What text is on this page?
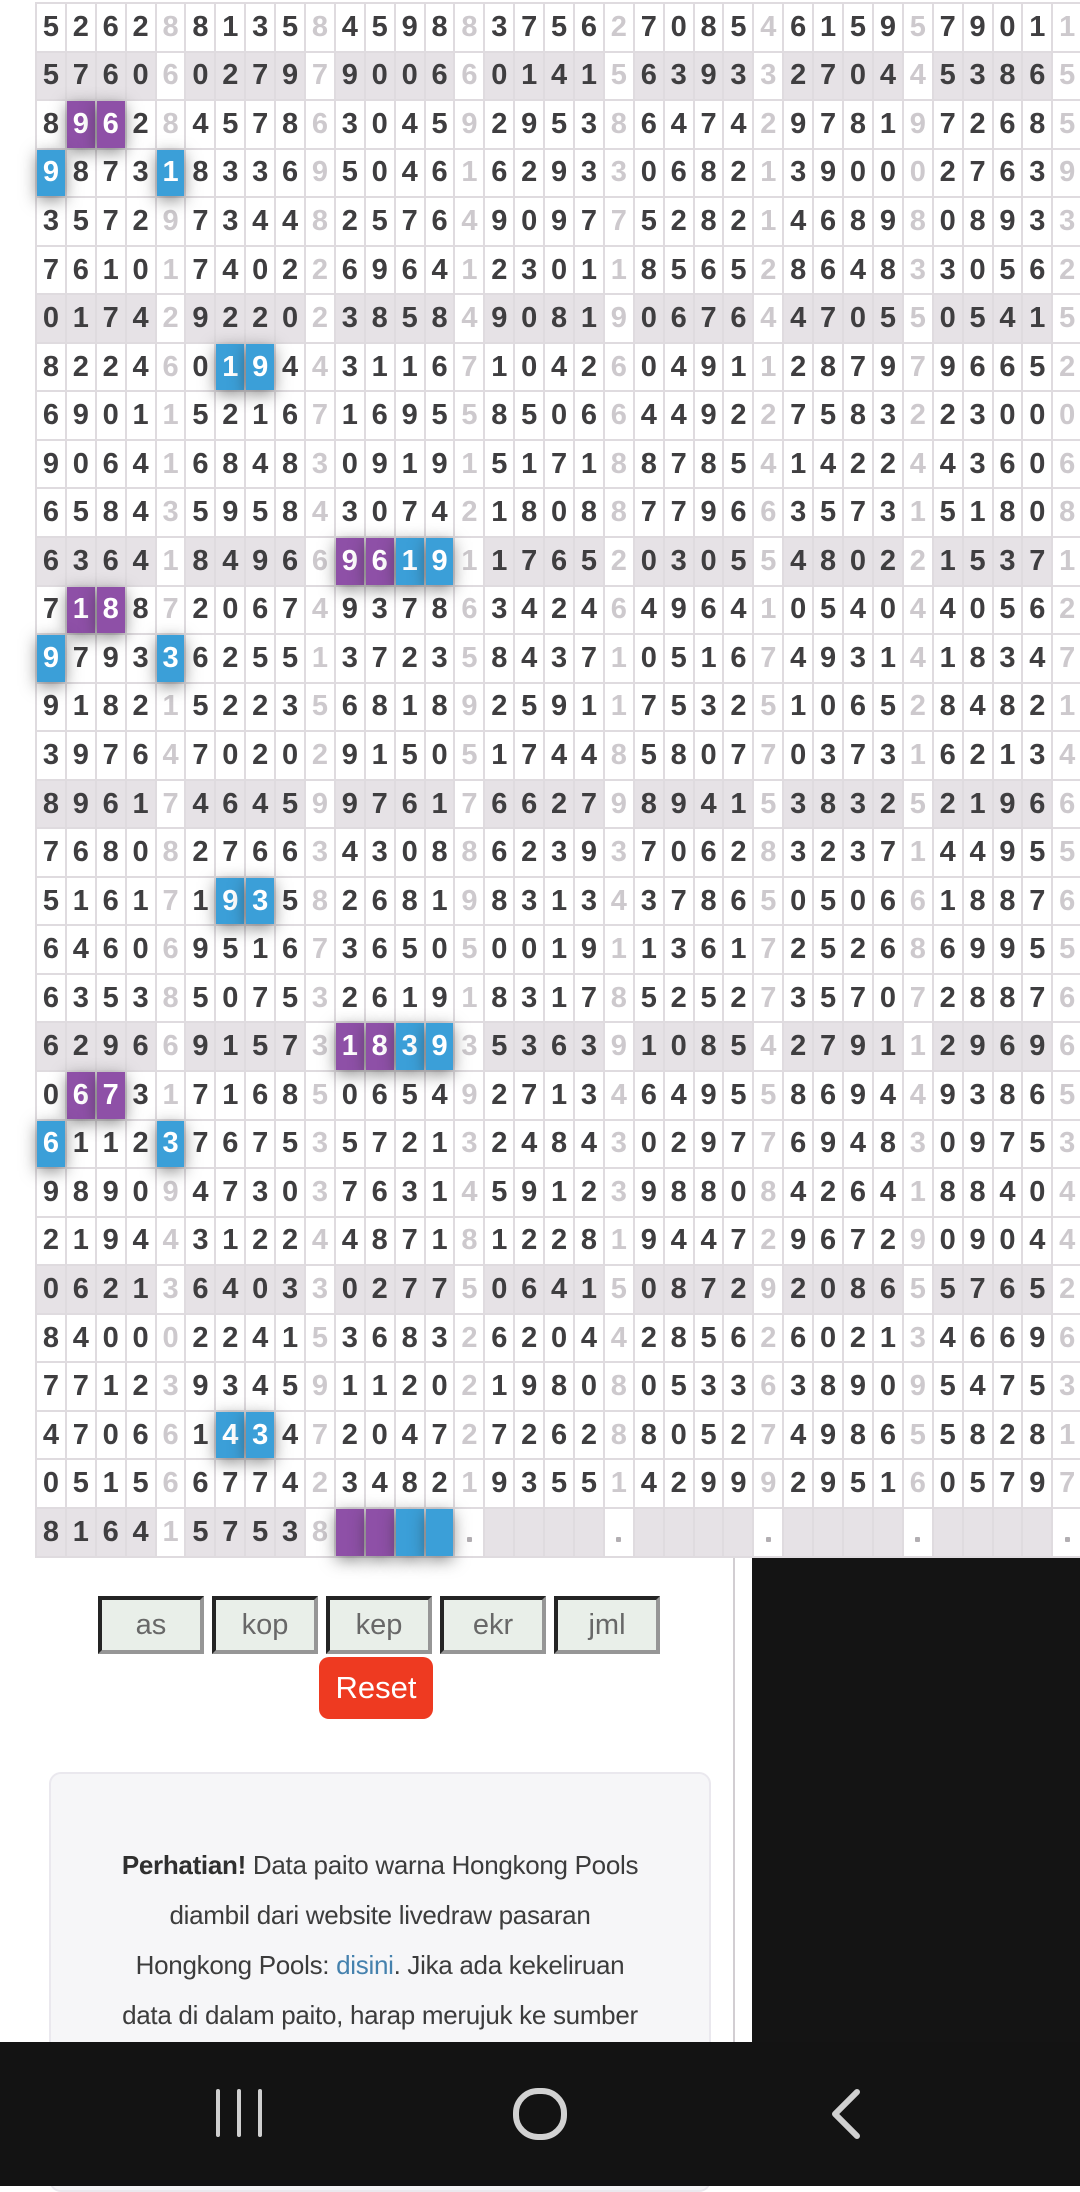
5 2 6 2 8 8 1 3 5 8 4 5 9 8 8 3 7 5 6 2 7 0 8 5 4 6 1 5 9 5 7 9 0 1 1
5 7 6 0 6 0 2 7 9 7 9 0 0 6 6 0 1 4 1 5 6 3 9 3 3 2 7 0 4 4 5 3 8 6 5
8 9 6 2 8 4 5 7 8 6 3 0 4 5 9 2 9 5 3 8 6 4 7 4 2 9 7 8 1 9 7 2 6 8 5
9 8 7 3 1 8 3 3 6 9 5 0 4 6 1 6 2 9 3 3 0 6 8 2 1 3 9 0 0 0 2 7 6 3 9
3 5 7 2 9 7 3 4 4 8 2 5 7 6 4 9 0 9 7 7 5 2 8 2 1 4 6 8 9 8 0 8 9 3 3
7 6 1 0 1 7 4 0 2 2 6 9 6 4 1 2 3 0 1 1 8 5 6 5 2 8 6 4 8 3 3 0 5 6 2
0 1 7 4 2 9 2 2 0 2 3 8 5 8 4 9 0 8 1 9 0 6 7 6 4 4 7 0 5 5 0 5 4 1 5
8 2 2 4 6 0 1 9 4 4 3 1 1 6 7 1 0 4 2 6 0 4 9 1 1 2 8 7 9 7 9 6 6 5 2
6 9 0 1 1 5 2 1 6 7 1 6 9 5 5 8 5 0 6 6 4 4 9 2 2 7 5 8 3 2 2 3 0 0 0
9 0 6 4 1 6 8 4 8 3 0 9 1 9 1 5 1 7 1 8 8 7 8 5 4 1 4 2 2 4 4 3 6 0 6
6 5 8 4 3 5 9 5 8 4 3 0 7 4 2 1 8 0 8 8 7 7 9 6 6 3 5 7 3 1 5 1 8 0 8
6 3 6 4 1 8 4 9 6 6 9 6 1 9 1 1 7 6 5 2 0 3 0 5 5 4 8 0 2 2 1 5 3 7 1
7 1 8 8 7 2 0 6 7 4 9 3 7 8 6 3 4 2 4 6 4 9 6 4 1 0 5 4 0 4 4 0 5 6 2
9 7 9 3 3 6 2 5 5 1 3 7 2 3 5 8 4 3 7 1 0 5 1 6 7 4 9 3 1 4 1 8 3 4 7
9 1 8 2 1 5 2 2 3 5 6 8 1 8 9 2 5 9 1 1 7 5 3 2 5 1 0 6 5 2 8 4 8 2 1
3 9 7 6 4 7 0 2 0 2 9 1 5 0 5 1 7 4 4 8 5 8 0 7 7 0 3 7 3 1 6 2 1 3 4
8 9 6 1 7 4 6 4 5 9 9 7 6 1 7 6 6 2 7 9 8 9 4 1 5 3 8 3 2 5 2 1 9 6 6
7 6 8 0 8 2 7 6 6 3 4 3 0 8 8 6 2 3 9 3 7 0 6 2 8 3 2 3 7 1 4 4 9 5 5
5 1 6 1 7 1 9 3 5 8 2 6 8 1 9 8 3 1 3 4 3 7 8 6 5 0 5 0 6 6 1 8 8 7 6
6 4 6 0 6 9 5 1 6 7 3 6 5 0 5 0 0 1 9 1 1 3 6 1 7 2 5 2 6 8 6 9 9 5 5
6 3 5 3 8 5 0 7 5 3 2 6 1 9 1 8 3 1 7 8 5 2 5 2 7 3 5 7 0 7 2 8 8 7 6
6 2 9 6 6 9 1 5 7 3 1 8 3 9 3 5 3 6 3 9 1 0 8 5 4 2 7 9 1 1 2 9 6 9 6
0 6 7 3 1 7 1 6 8 5 0 6 5 4 9 2 7 1 3 4 6 4 9 5 5 8 6 9 4 4 9 3 8 6 5
6 1 1 2 3 7 6 7 5 3 5 7 2 1 3 2 4 8 4 3 0 2 9 7 7 6 9 4 8 3 0 9 7 5 3
9 8 9 0 9 4 7 3 0 3 7 6 3 1 4 5 9 1 2 3 9 8 8 0 8 4 2 6 4 1 8 8 4 0 4
2 1 9 4 4 3 1 2 2 4 4 8 7 1 8 1 2 2 8 1 9 4 4 7 2 9 6 7 2 9 0 9 0 4 4
0 6 2 1 3 6 4 0 3 3 0 2 7 7 5 0 6 4 1 5 0 8 7 2 9 2 0 8 6 5 5 7 6 5 2
8 4 0 0 0 2 2 4 1 5 3 6 8 3 2 6 2 0 4 4 2 8 5 6 2 6 0 2 1 3 4 6 6 9 6
7 7 1 2 3 9 3 4 5 9 1 1 2 0 2 1 9 8 0 8 0 5 3 3 6 3 8 9 0 9 5 4 7 5 3
4 7 0 6 6 1 4 3 4 7 2 0 4 7 2 7 2 6 2 8 8 0 5 2 7 4 9 8 6 5 5 8 2 8 1
0 5 1 5 6 6 7 7 4 2 3 4 8 2 1 9 3 5 5 1 4 2 9 9 9 2 9 5 1 6 0 5 7 9 7
8 1 6 4 1 5 7 5 3 8
as	kop	kep	ekr	jml
Reset
Perhatian! Data paito warna Hongkong Pools
diambil dari website livedraw pasaran
Hongkong Pools: disini. Jika ada kekeliruan
data di dalam paito, harap merujuk ke sumber
